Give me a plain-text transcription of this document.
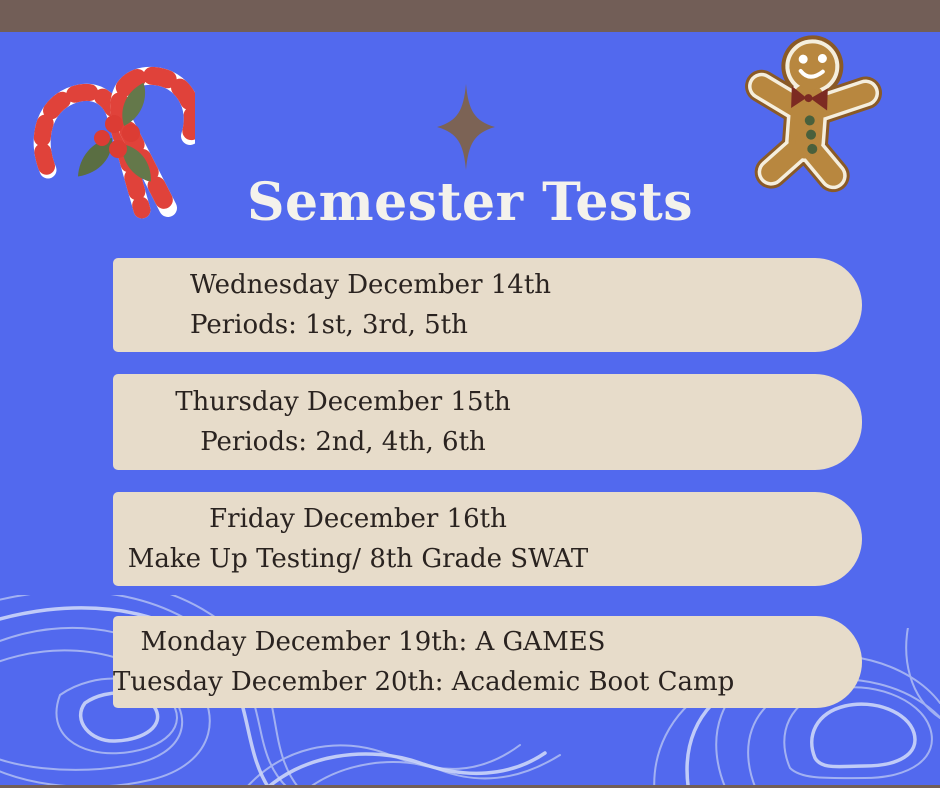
Semester Tests
Wednesday December 14th
Periods: 1st, 3rd, 5th
Thursday December 15th
Periods: 2nd, 4th, 6th
Friday December 16th
Make Up Testing/ 8th Grade SWAT
Monday December 19th: A GAMES
Tuesday December 20th: Academic Boot Camp
